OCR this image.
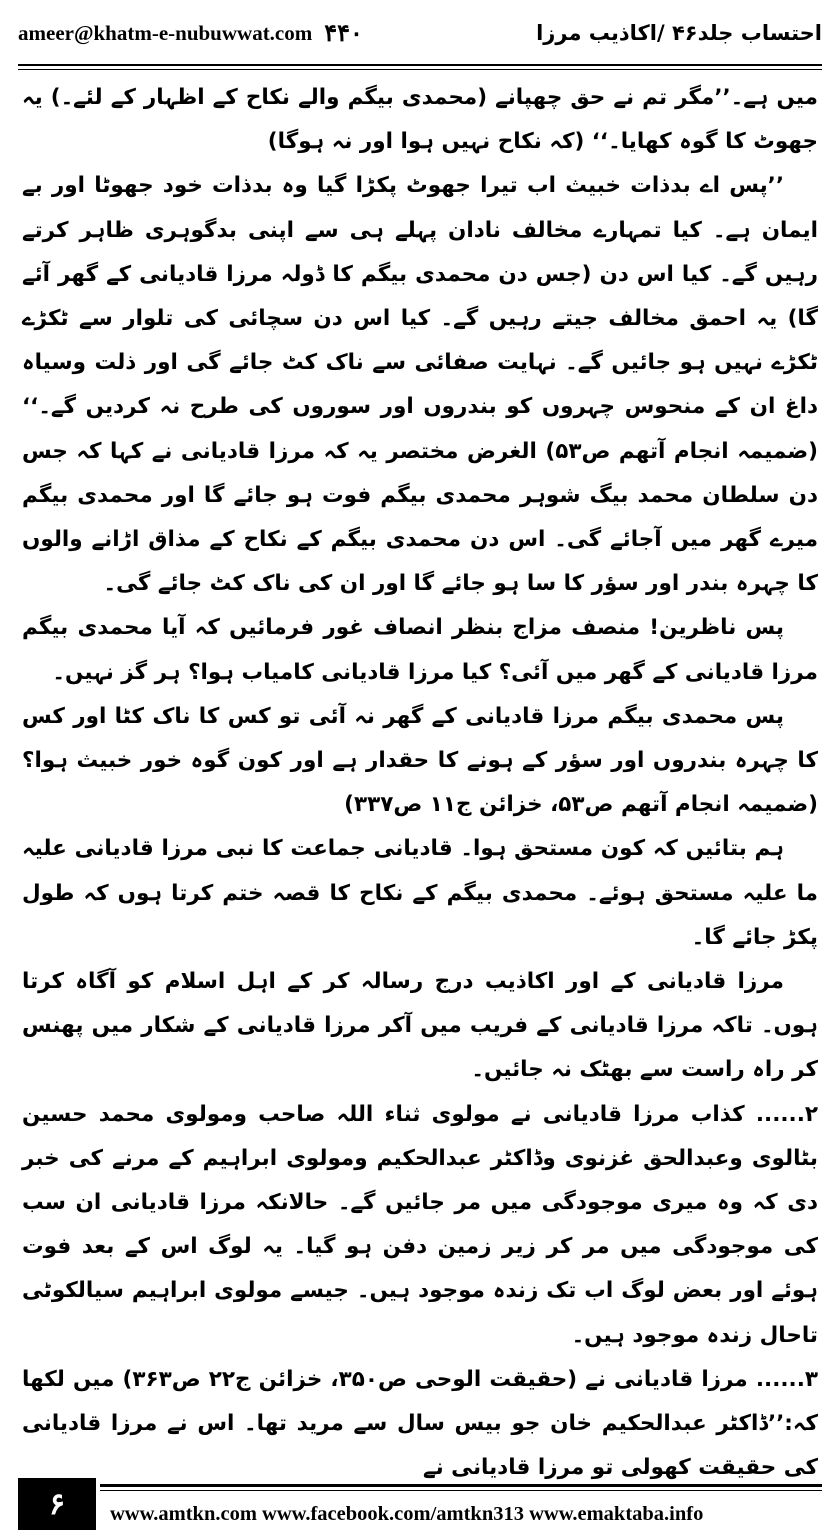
ameer@khatm-e-nubuwwat.com ۴۴۰	احتساب جلد۴۶ /اکاذیب مرزا

میں ہے۔’’مگر تم نے حق چھپانے (محمدی بیگم والے نکاح کے اظہار کے لئے۔) یہ جھوٹ کا گوہ کھایا۔‘‘ (کہ نکاح نہیں ہوا اور نہ ہوگا)

’’پس اے بدذات خبیث اب تیرا جھوٹ پکڑا گیا وہ بدذات خود جھوٹا اور بے ایمان ہے۔ کیا تمہارے مخالف نادان پہلے ہی سے اپنی بدگوہری ظاہر کرتے رہیں گے۔ کیا اس دن (جس دن محمدی بیگم کا ڈولہ مرزا قادیانی کے گھر آئے گا) یہ احمق مخالف جیتے رہیں گے۔ کیا اس دن سچائی کی تلوار سے ٹکڑے ٹکڑے نہیں ہو جائیں گے۔ نہایت صفائی سے ناک کٹ جائے گی اور ذلت وسیاہ داغ ان کے منحوس چہروں کو بندروں اور سوروں کی طرح نہ کردیں گے۔‘‘ (ضمیمہ انجام آتھم ص۵۳) الغرض مختصر یہ کہ مرزا قادیانی نے کہا کہ جس دن سلطان محمد بیگ شوہر محمدی بیگم فوت ہو جائے گا اور محمدی بیگم میرے گھر میں آجائے گی۔ اس دن محمدی بیگم کے نکاح کے مذاق اڑانے والوں کا چہرہ بندر اور سؤر کا سا ہو جائے گا اور ان کی ناک کٹ جائے گی۔

پس ناظرین! منصف مزاج بنظر انصاف غور فرمائیں کہ آیا محمدی بیگم مرزا قادیانی کے گھر میں آئی؟ کیا مرزا قادیانی کامیاب ہوا؟ ہر گز نہیں۔

پس محمدی بیگم مرزا قادیانی کے گھر نہ آئی تو کس کا ناک کٹا اور کس کا چہرہ بندروں اور سؤر کے ہونے کا حقدار ہے اور کون گوہ خور خبیث ہوا؟ (ضمیمہ انجام آتھم ص۵۳، خزائن ج۱۱ ص۳۳۷)

ہم بتائیں کہ کون مستحق ہوا۔ قادیانی جماعت کا نبی مرزا قادیانی علیہ ما علیہ مستحق ہوئے۔ محمدی بیگم کے نکاح کا قصہ ختم کرتا ہوں کہ طول پکڑ جائے گا۔

مرزا قادیانی کے اور اکاذیب درج رسالہ کر کے اہل اسلام کو آگاہ کرتا ہوں۔ تاکہ مرزا قادیانی کے فریب میں آکر مرزا قادیانی کے شکار میں پھنس کر راہ راست سے بھٹک نہ جائیں۔

۲...... کذاب مرزا قادیانی نے مولوی ثناء اللہ صاحب ومولوی محمد حسین بٹالوی وعبدالحق غزنوی وڈاکٹر عبدالحکیم ومولوی ابراہیم کے مرنے کی خبر دی کہ وہ میری موجودگی میں مر جائیں گے۔ حالانکہ مرزا قادیانی ان سب کی موجودگی میں مر کر زیر زمین دفن ہو گیا۔ یہ لوگ اس کے بعد فوت ہوئے اور بعض لوگ اب تک زندہ موجود ہیں۔ جیسے مولوی ابراہیم سیالکوٹی تاحال زندہ موجود ہیں۔

۳...... مرزا قادیانی نے (حقیقت الوحی ص۳۵۰، خزائن ج۲۲ ص۳۶۳) میں لکھا کہ:’’ڈاکٹر عبدالحکیم خان جو بیس سال سے مرید تھا۔ اس نے مرزا قادیانی کی حقیقت کھولی تو مرزا قادیانی نے

۶ www.amtkn.com www.facebook.com/amtkn313 www.emaktaba.info
